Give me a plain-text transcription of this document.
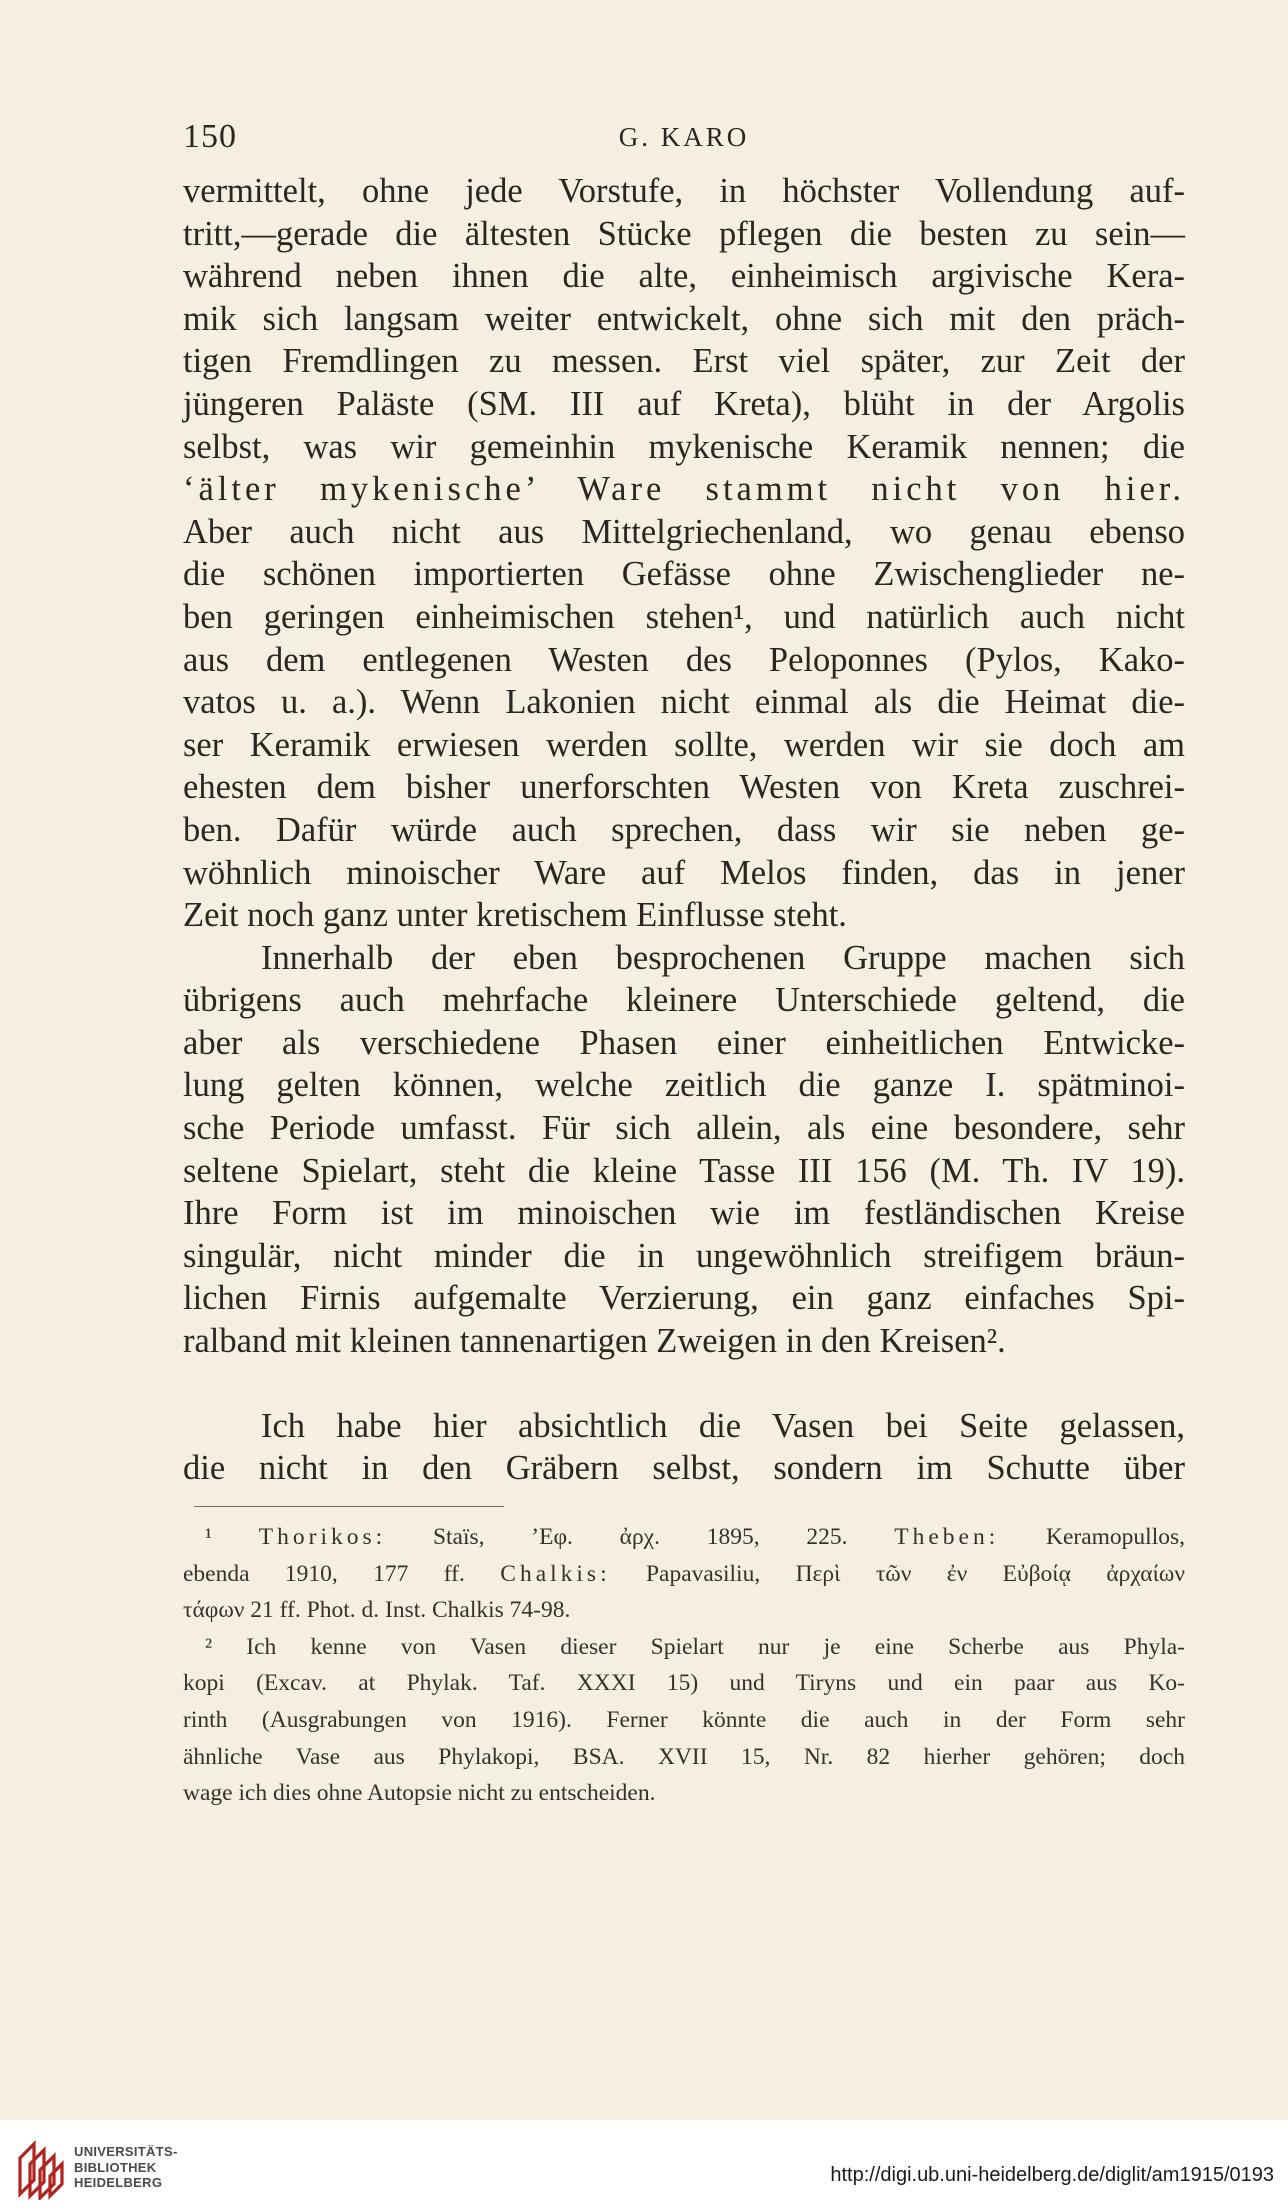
150	G. KARO

vermittelt, ohne jede Vorstufe, in höchster Vollendung auf-

tritt,—gerade die ältesten Stücke pflegen die besten zu sein—

während neben ihnen die alte, einheimisch argivische Kera-

mik sich langsam weiter entwickelt, ohne sich mit den präch-

tigen Fremdlingen zu messen. Erst viel später, zur Zeit der

jüngeren Paläste (SM. III auf Kreta), blüht in der Argolis

selbst, was wir gemeinhin mykenische Keramik nennen; die

‘älter mykenische’ Ware stammt nicht von hier.

Aber auch nicht aus Mittelgriechenland, wo genau ebenso

die schönen importierten Gefässe ohne Zwischenglieder ne-

ben geringen einheimischen stehen¹, und natürlich auch nicht

aus dem entlegenen Westen des Peloponnes (Pylos, Kako-

vatos u. a.). Wenn Lakonien nicht einmal als die Heimat die-

ser Keramik erwiesen werden sollte, werden wir sie doch am

ehesten dem bisher unerforschten Westen von Kreta zuschrei-

ben. Dafür würde auch sprechen, dass wir sie neben ge-

wöhnlich minoischer Ware auf Melos finden, das in jener

Zeit noch ganz unter kretischem Einflusse steht.

Innerhalb der eben besprochenen Gruppe machen sich

übrigens auch mehrfache kleinere Unterschiede geltend, die

aber als verschiedene Phasen einer einheitlichen Entwicke-

lung gelten können, welche zeitlich die ganze I. spätminoi-

sche Periode umfasst. Für sich allein, als eine besondere, sehr

seltene Spielart, steht die kleine Tasse III 156 (M. Th. IV 19).

Ihre Form ist im minoischen wie im festländischen Kreise

singulär, nicht minder die in ungewöhnlich streifigem bräun-

lichen Firnis aufgemalte Verzierung, ein ganz einfaches Spi-

ralband mit kleinen tannenartigen Zweigen in den Kreisen².

Ich habe hier absichtlich die Vasen bei Seite gelassen,

die nicht in den Gräbern selbst, sondern im Schutte über

¹ Thorikos: Staïs, ’Εφ. ἀρχ. 1895, 225. Theben: Keramopullos,

ebenda 1910, 177 ff. Chalkis: Papavasiliu, Περὶ τῶν ἐν Εὐβοίᾳ ἀρχαίων

τάφων 21 ff. Phot. d. Inst. Chalkis 74-98.

² Ich kenne von Vasen dieser Spielart nur je eine Scherbe aus Phyla-

kopi (Excav. at Phylak. Taf. XXXI 15) und Tiryns und ein paar aus Ko-

rinth (Ausgrabungen von 1916). Ferner könnte die auch in der Form sehr

ähnliche Vase aus Phylakopi, BSA. XVII 15, Nr. 82 hierher gehören; doch

wage ich dies ohne Autopsie nicht zu entscheiden.

UNIVERSITÄTS-
BIBLIOTHEK
HEIDELBERG	http://digi.ub.uni-heidelberg.de/diglit/am1915/0193
